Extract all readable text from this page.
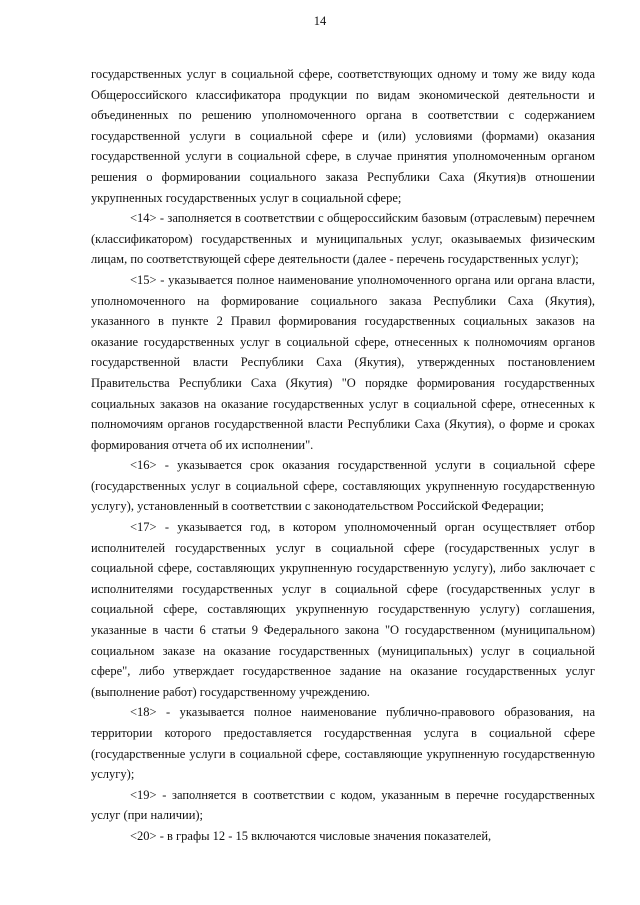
14

государственных услуг в социальной сфере, соответствующих одному и тому же виду кода Общероссийского классификатора продукции по видам экономической деятельности и объединенных по решению уполномоченного органа в соответствии с содержанием государственной услуги в социальной сфере и (или) условиями (формами) оказания государственной услуги в социальной сфере, в случае принятия уполномоченным органом решения о формировании социального заказа Республики Саха (Якутия)в отношении укрупненных государственных услуг в социальной сфере;

<14> - заполняется в соответствии с общероссийским базовым (отраслевым) перечнем (классификатором) государственных и муниципальных услуг, оказываемых физическим лицам, по соответствующей сфере деятельности (далее - перечень государственных услуг);

<15> - указывается полное наименование уполномоченного органа или органа власти, уполномоченного на формирование социального заказа Республики Саха (Якутия), указанного в пункте 2 Правил формирования государственных социальных заказов на оказание государственных услуг в социальной сфере, отнесенных к полномочиям органов государственной власти Республики Саха (Якутия), утвержденных постановлением Правительства Республики Саха (Якутия) "О порядке формирования государственных социальных заказов на оказание государственных услуг в социальной сфере, отнесенных к полномочиям органов государственной власти Республики Саха (Якутия), о форме и сроках формирования отчета об их исполнении".

<16> - указывается срок оказания государственной услуги в социальной сфере (государственных услуг в социальной сфере, составляющих укрупненную государственную услугу), установленный в соответствии с законодательством Российской Федерации;

<17> - указывается год, в котором уполномоченный орган осуществляет отбор исполнителей государственных услуг в социальной сфере (государственных услуг в социальной сфере, составляющих укрупненную государственную услугу), либо заключает с исполнителями государственных услуг в социальной сфере (государственных услуг в социальной сфере, составляющих укрупненную государственную услугу) соглашения, указанные в части 6 статьи 9 Федерального закона "О государственном (муниципальном) социальном заказе на оказание государственных (муниципальных) услуг в социальной сфере", либо утверждает государственное задание на оказание государственных услуг (выполнение работ) государственному учреждению.

<18> - указывается полное наименование публично-правового образования, на территории которого предоставляется государственная услуга в социальной сфере (государственные услуги в социальной сфере, составляющие укрупненную государственную услугу);

<19> - заполняется в соответствии с кодом, указанным в перечне государственных услуг (при наличии);

<20> - в графы 12 - 15 включаются числовые значения показателей,
